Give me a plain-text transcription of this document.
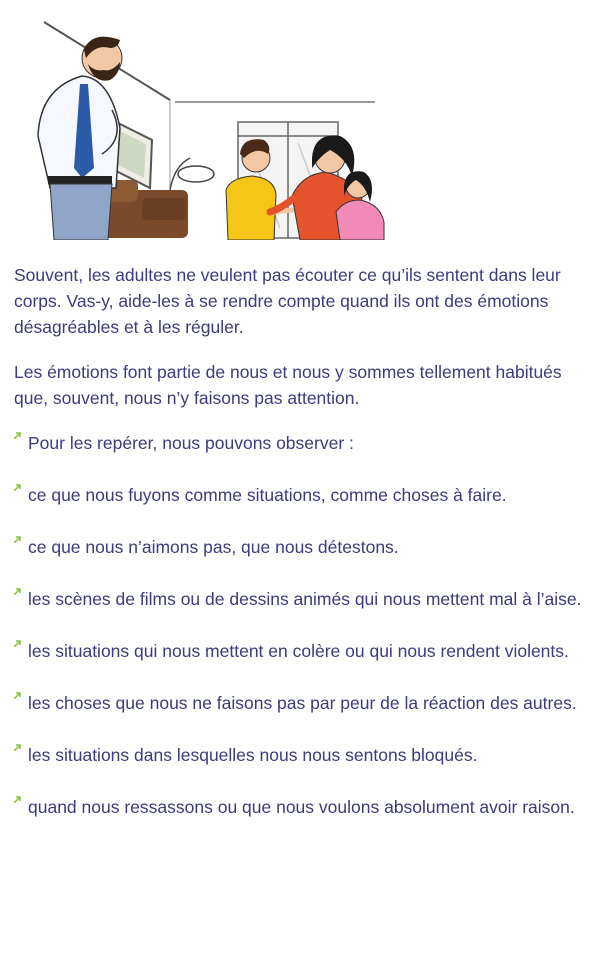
Souvent, les adultes ne veulent pas écouter ce qu’ils sentent dans leur corps. Vas-y, aide-les à se rendre compte quand ils ont des émotions désagréables et à les réguler.

Les émotions font partie de nous et nous y sommes tellement habitués que, souvent, nous n’y faisons pas attention.

Pour les repérer, nous pouvons observer :
ce que nous fuyons comme situations, comme choses à faire.
ce que nous n’aimons pas, que nous détestons.
les scènes de films ou de dessins animés qui nous mettent mal à l’aise.
les situations qui nous mettent en colère ou qui nous rendent violents.
les choses que nous ne faisons pas par peur de la réaction des autres.
les situations dans lesquelles nous nous sentons bloqués.
quand nous ressassons ou que nous voulons absolument avoir raison.
